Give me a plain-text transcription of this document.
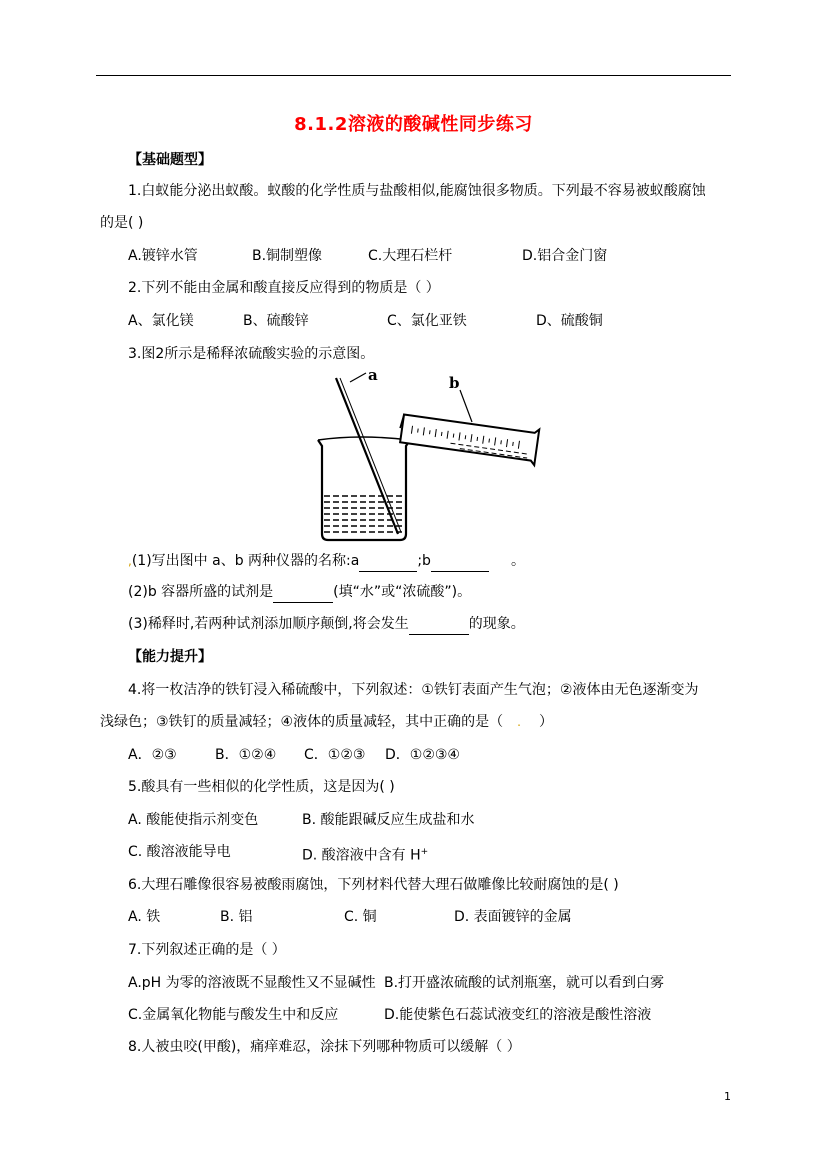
8.1.2溶液的酸碱性同步练习
【基础题型】
1.白蚁能分泌出蚁酸。蚁酸的化学性质与盐酸相似,能腐蚀很多物质。下列最不容易被蚁酸腐蚀
的是( )
A.镀锌水管	B.铜制塑像	C.大理石栏杆	D.铝合金门窗
2.下列不能由金属和酸直接反应得到的物质是（ ）
A、氯化镁	B、硫酸锌	C、氯化亚铁	D、硫酸铜
3.图2所示是稀释浓硫酸实验的示意图。
a	b
,(1)写出图中 a、b 两种仪器的名称:a	;b	。
(2)b 容器所盛的试剂是	(填“水”或“浓硫酸”)。
(3)稀释时,若两种试剂添加顺序颠倒,将会发生	的现象。
【能力提升】
4.将一枚洁净的铁钉浸入稀硫酸中，下列叙述：①铁钉表面产生气泡；②液体由无色逐渐变为
浅绿色；③铁钉的质量减轻；④液体的质量减轻，其中正确的是（ . ）
A．②③	B．①②④ C．①②③ D．①②③④
5.酸具有一些相似的化学性质，这是因为( )
A. 酸能使指示剂变色	B. 酸能跟碱反应生成盐和水
C. 酸溶液能导电	D. 酸溶液中含有 H+
6.大理石雕像很容易被酸雨腐蚀，下列材料代替大理石做雕像比较耐腐蚀的是( )
A. 铁	B. 铝	C. 铜	D. 表面镀锌的金属
7.下列叙述正确的是（ ）
A.pH 为零的溶液既不显酸性又不显碱性 B.打开盛浓硫酸的试剂瓶塞，就可以看到白雾
C.金属氧化物能与酸发生中和反应	D.能使紫色石蕊试液变红的溶液是酸性溶液
8.人被虫咬(甲酸)，痛痒难忍，涂抹下列哪种物质可以缓解（ ）
1
